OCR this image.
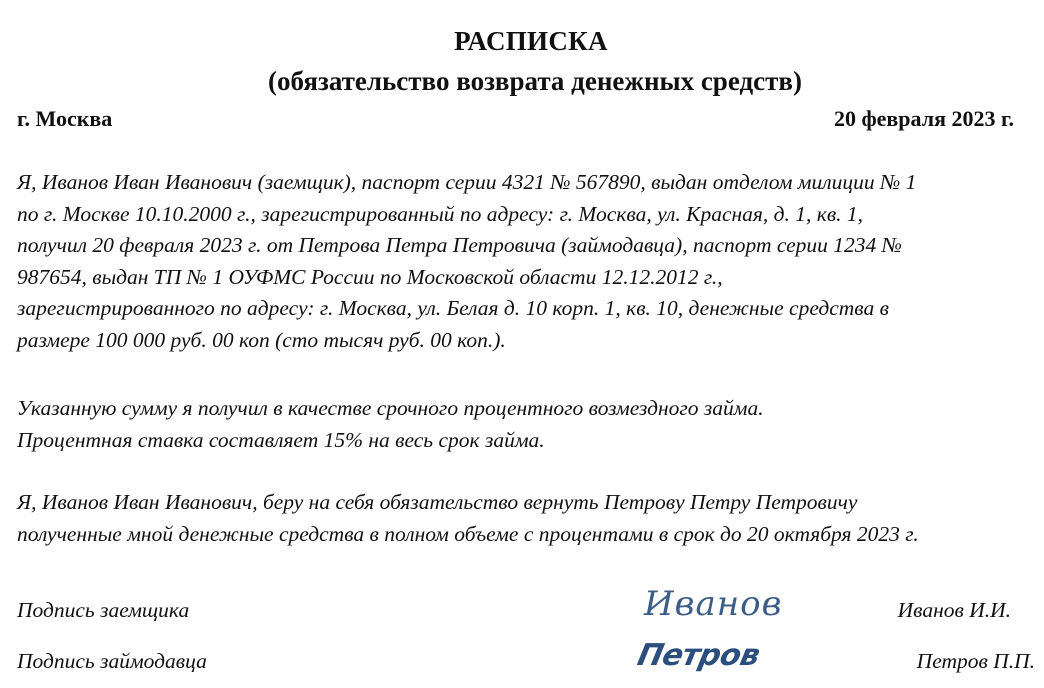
РАСПИСКА
(обязательство возврата денежных средств)
г. Москва	20 февраля 2023 г.

Я, Иванов Иван Иванович (заемщик), паспорт серии 4321 № 567890, выдан отделом милиции № 1
по г. Москве 10.10.2000 г., зарегистрированный по адресу: г. Москва, ул. Красная, д. 1, кв. 1,
получил 20 февраля 2023 г. от Петрова Петра Петровича (займодавца), паспорт серии 1234 №
987654, выдан ТП № 1 ОУФМС России по Московской области 12.12.2012 г.,
зарегистрированного по адресу: г. Москва, ул. Белая д. 10 корп. 1, кв. 10, денежные средства в
размере 100 000 руб. 00 коп (сто тысяч руб. 00 коп.).

Указанную сумму я получил в качестве срочного процентного возмездного займа.
Процентная ставка составляет 15% на весь срок займа.

Я, Иванов Иван Иванович, беру на себя обязательство вернуть Петрову Петру Петровичу
полученные мной денежные средства в полном объеме с процентами в срок до 20 октября 2023 г.

Подпись заемщика	Иванов	Иванов И.И.
Подпись займодавца	Петров	Петров П.П.
